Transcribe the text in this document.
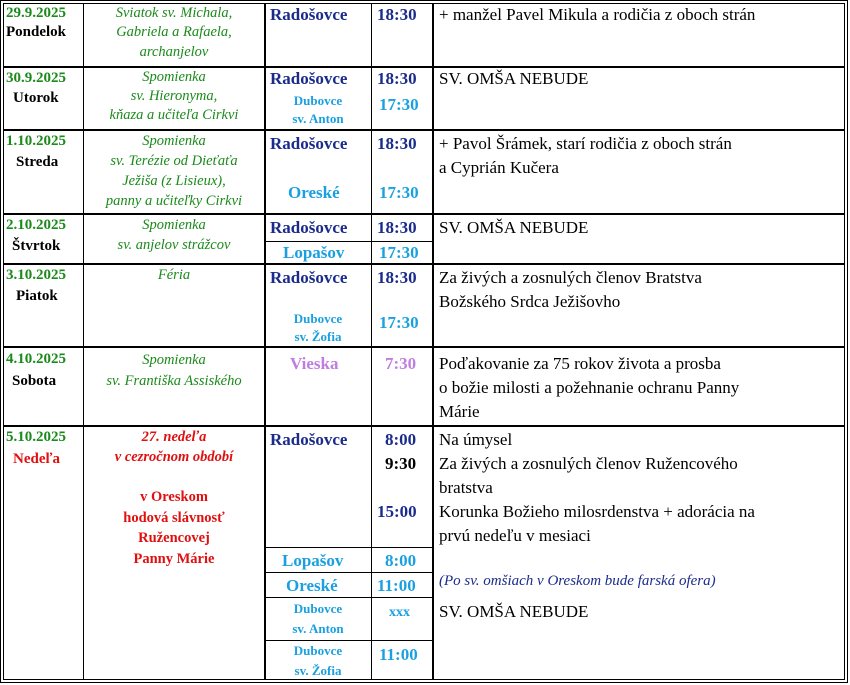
29.9.2025
Pondelok
Sviatok sv. Michala,
Gabriela a Rafaela,
archanjelov
Radošovce 18:30 + manžel Pavel Mikula a rodičia z oboch strán
30.9.2025
Utorok
Spomienka
sv. Hieronyma,
kňaza a učiteľa Cirkvi
Radošovce 18:30
Dubovce
sv. Anton
17:30
SV. OMŠA NEBUDE
1.10.2025
Streda
Spomienka
sv. Terézie od Dieťaťa
Ježiša (z Lisieux),
panny a učiteľky Cirkvi
Radošovce 18:30
Oreské 17:30
+ Pavol Šrámek, starí rodičia z oboch strán
a Cyprián Kučera
2.10.2025
Štvrtok
Spomienka
sv. anjelov strážcov
Radošovce 18:30
Lopašov 17:30
SV. OMŠA NEBUDE
3.10.2025
Piatok
Féria	Radošovce 18:30
Dubovce
sv. Žofia
17:30
Za živých a zosnulých členov Bratstva
Božského Srdca Ježišovho
4.10.2025
Sobota
Spomienka
sv. Františka Assiského
Vieska	7:30 Poďakovanie za 75 rokov života a prosba
o božie milosti a požehnanie ochranu Panny
Márie
5.10.2025
Nedeľa
27. nedeľa
v cezročnom období
v Oreskom
hodová slávnosť
Ružencovej
Panny Márie
Radošovce 8:00
9:30
15:00
Lopašov 8:00
Oreské 11:00
Dubovce
sv. Anton
xxx
Dubovce
sv. Žofia
11:00
Na úmysel
Za živých a zosnulých členov Ružencového
bratstva
Korunka Božieho milosrdenstva + adorácia na
prvú nedeľu v mesiaci
(Po sv. omšiach v Oreskom bude farská ofera)
SV. OMŠA NEBUDE
